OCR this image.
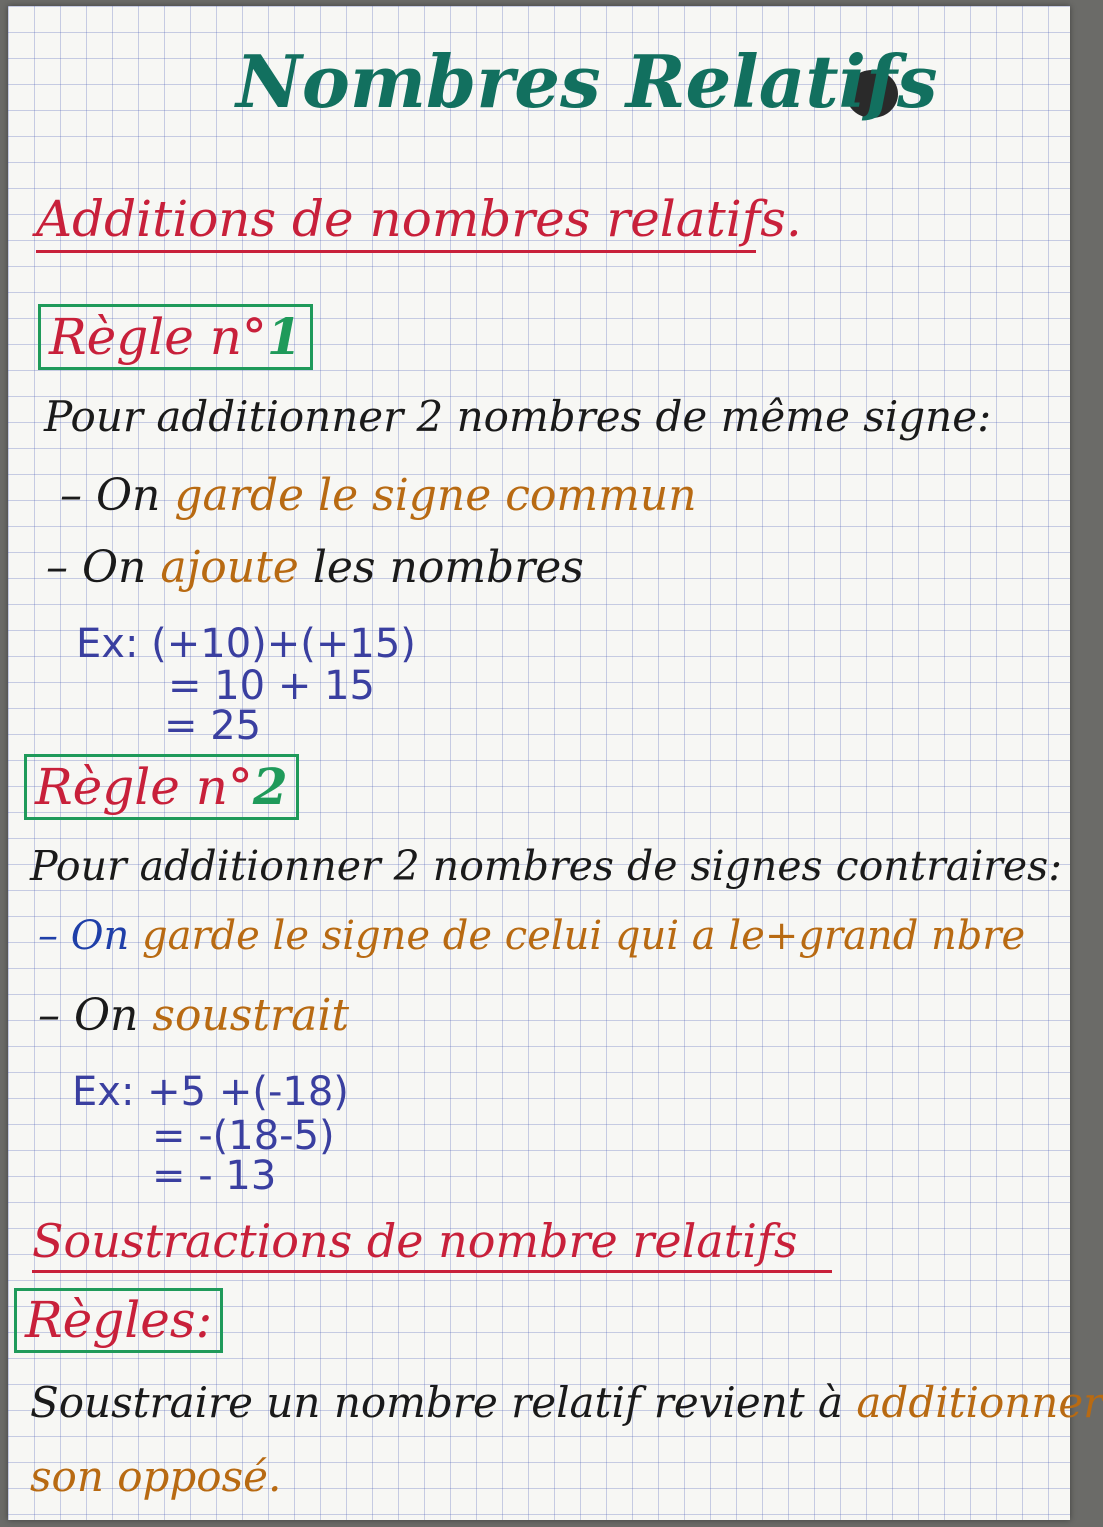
Nombres Relatifs
Additions de nombres relatifs.
Règle n°1
Pour additionner 2 nombres de même signe:
– On garde le signe commun
– On ajoute les nombres
Ex: (+10)+(+15)
= 10 + 15
= 25
Règle n°2
Pour additionner 2 nombres de signes contraires:
– On garde le signe de celui qui a le+grand nbre
– On soustrait
Ex: +5 +(-18)
= -(18-5)
= - 13
Soustractions de nombre relatifs
Règles:
Soustraire un nombre relatif revient à additionner
son opposé.
